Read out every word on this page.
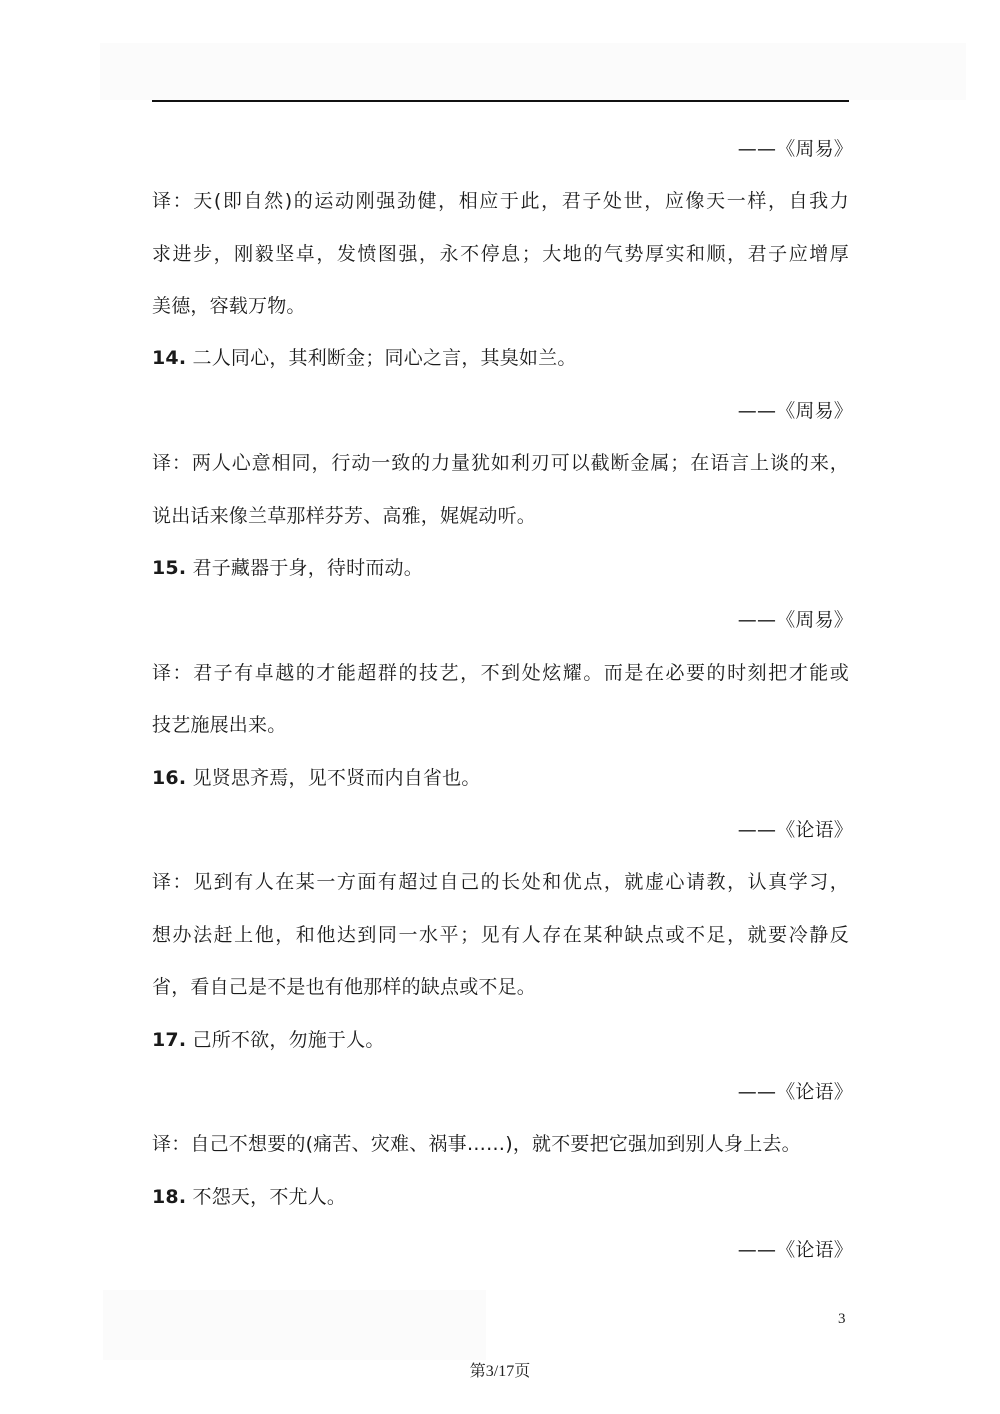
——《周易》
译：天(即自然)的运动刚强劲健，相应于此，君子处世，应像天一样，自我力
求进步，刚毅坚卓，发愤图强，永不停息；大地的气势厚实和顺，君子应增厚
美德，容载万物。
14. 二人同心，其利断金；同心之言，其臭如兰。
——《周易》
译：两人心意相同，行动一致的力量犹如利刃可以截断金属；在语言上谈的来，
说出话来像兰草那样芬芳、高雅，娓娓动听。
15. 君子藏器于身，待时而动。
——《周易》
译：君子有卓越的才能超群的技艺，不到处炫耀。而是在必要的时刻把才能或
技艺施展出来。
16. 见贤思齐焉，见不贤而内自省也。
——《论语》
译：见到有人在某一方面有超过自己的长处和优点，就虚心请教，认真学习，
想办法赶上他，和他达到同一水平；见有人存在某种缺点或不足，就要冷静反
省，看自己是不是也有他那样的缺点或不足。
17. 己所不欲，勿施于人。
——《论语》
译：自己不想要的(痛苦、灾难、祸事……)，就不要把它强加到别人身上去。
18. 不怨天，不尤人。
——《论语》
3
第3/17页
